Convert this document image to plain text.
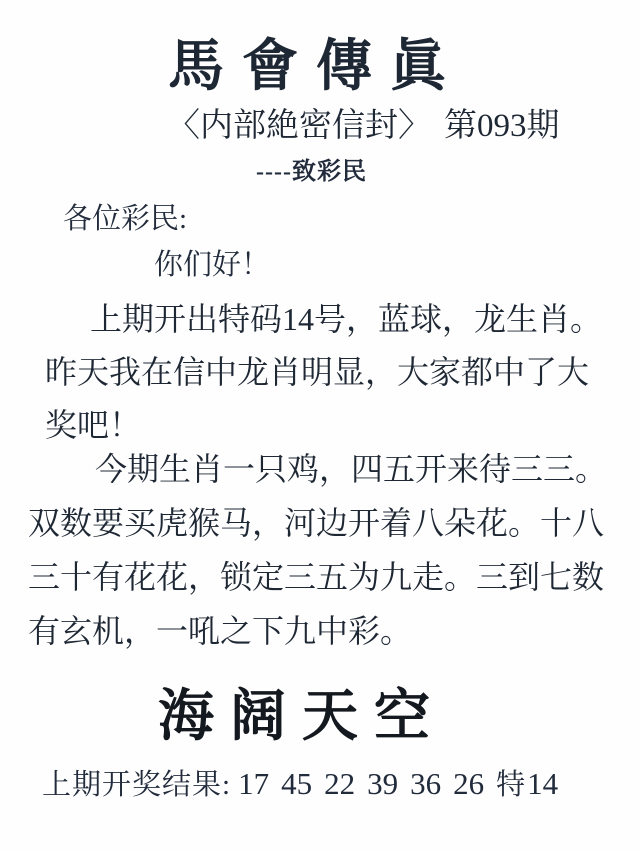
馬會傳眞
〈内部絶密信封〉 第093期
----致彩民
各位彩民:
你们好！
上期开出特码14号，蓝球，龙生肖。
昨天我在信中龙肖明显，大家都中了大
奖吧！
今期生肖一只鸡，四五开来待三三。
双数要买虎猴马，河边开着八朵花。十八
三十有花花，锁定三五为九走。三到七数
有玄机，一吼之下九中彩。
海阔天空
上期开奖结果: 17 45 22 39 36 26 特 14
